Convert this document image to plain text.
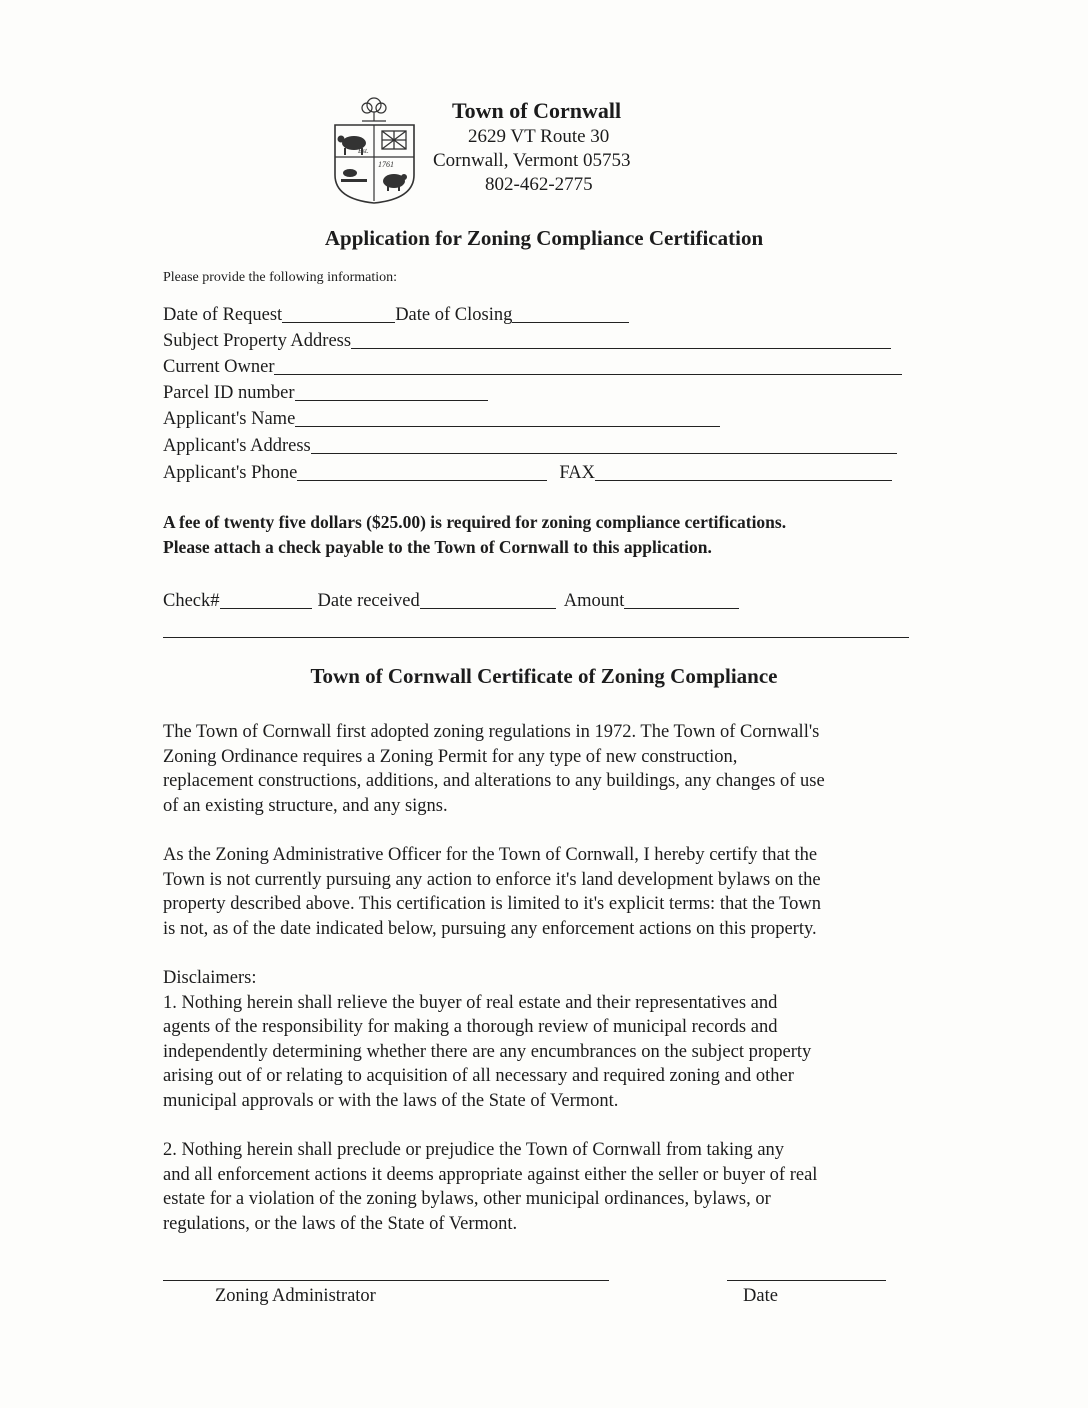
Est.
1761
Town of Cornwall
2629 VT Route 30
Cornwall, Vermont 05753
802-462-2775
Application for Zoning Compliance Certification
Please provide the following information:
Date of Request	Date of Closing
Subject Property Address
Current Owner
Parcel ID number
Applicant's Name
Applicant's Address
Applicant's Phone	FAX
A fee of twenty five dollars ($25.00) is required for zoning compliance certifications.
Please attach a check payable to the Town of Cornwall to this application.
Check#	Date received	Amount
Town of Cornwall Certificate of Zoning Compliance
The Town of Cornwall first adopted zoning regulations in 1972. The Town of Cornwall's
Zoning Ordinance requires a Zoning Permit for any type of new construction,
replacement constructions, additions, and alterations to any buildings, any changes of use
of an existing structure, and any signs.
As the Zoning Administrative Officer for the Town of Cornwall, I hereby certify that the
Town is not currently pursuing any action to enforce it's land development bylaws on the
property described above. This certification is limited to it's explicit terms: that the Town
is not, as of the date indicated below, pursuing any enforcement actions on this property.
Disclaimers:
1. Nothing herein shall relieve the buyer of real estate and their representatives and
agents of the responsibility for making a thorough review of municipal records and
independently determining whether there are any encumbrances on the subject property
arising out of or relating to acquisition of all necessary and required zoning and other
municipal approvals or with the laws of the State of Vermont.
2. Nothing herein shall preclude or prejudice the Town of Cornwall from taking any
and all enforcement actions it deems appropriate against either the seller or buyer of real
estate for a violation of the zoning bylaws, other municipal ordinances, bylaws, or
regulations, or the laws of the State of Vermont.
Zoning Administrator	Date
